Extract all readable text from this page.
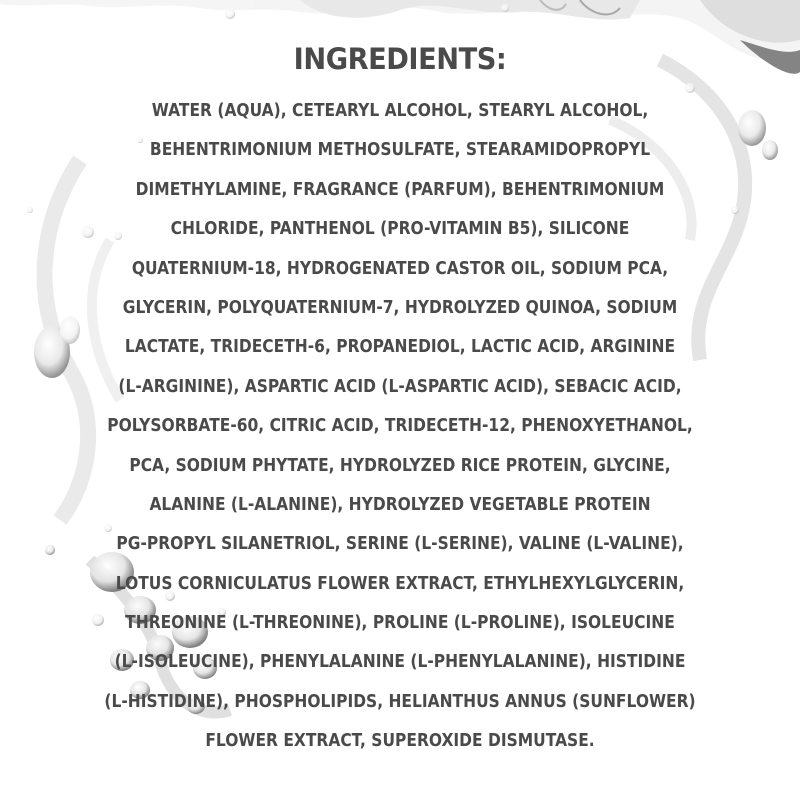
INGREDIENTS:
WATER (AQUA), CETEARYL ALCOHOL, STEARYL ALCOHOL,
BEHENTRIMONIUM METHOSULFATE, STEARAMIDOPROPYL
DIMETHYLAMINE, FRAGRANCE (PARFUM), BEHENTRIMONIUM
CHLORIDE, PANTHENOL (PRO-VITAMIN B5), SILICONE
QUATERNIUM-18, HYDROGENATED CASTOR OIL, SODIUM PCA,
GLYCERIN, POLYQUATERNIUM-7, HYDROLYZED QUINOA, SODIUM
LACTATE, TRIDECETH-6, PROPANEDIOL, LACTIC ACID, ARGININE
(L-ARGININE), ASPARTIC ACID (L-ASPARTIC ACID), SEBACIC ACID,
POLYSORBATE-60, CITRIC ACID, TRIDECETH-12, PHENOXYETHANOL,
PCA, SODIUM PHYTATE, HYDROLYZED RICE PROTEIN, GLYCINE,
ALANINE (L-ALANINE), HYDROLYZED VEGETABLE PROTEIN
PG-PROPYL SILANETRIOL, SERINE (L-SERINE), VALINE (L-VALINE),
LOTUS CORNICULATUS FLOWER EXTRACT, ETHYLHEXYLGLYCERIN,
THREONINE (L-THREONINE), PROLINE (L-PROLINE), ISOLEUCINE
(L-ISOLEUCINE), PHENYLALANINE (L-PHENYLALANINE), HISTIDINE
(L-HISTIDINE), PHOSPHOLIPIDS, HELIANTHUS ANNUS (SUNFLOWER)
FLOWER EXTRACT, SUPEROXIDE DISMUTASE.
